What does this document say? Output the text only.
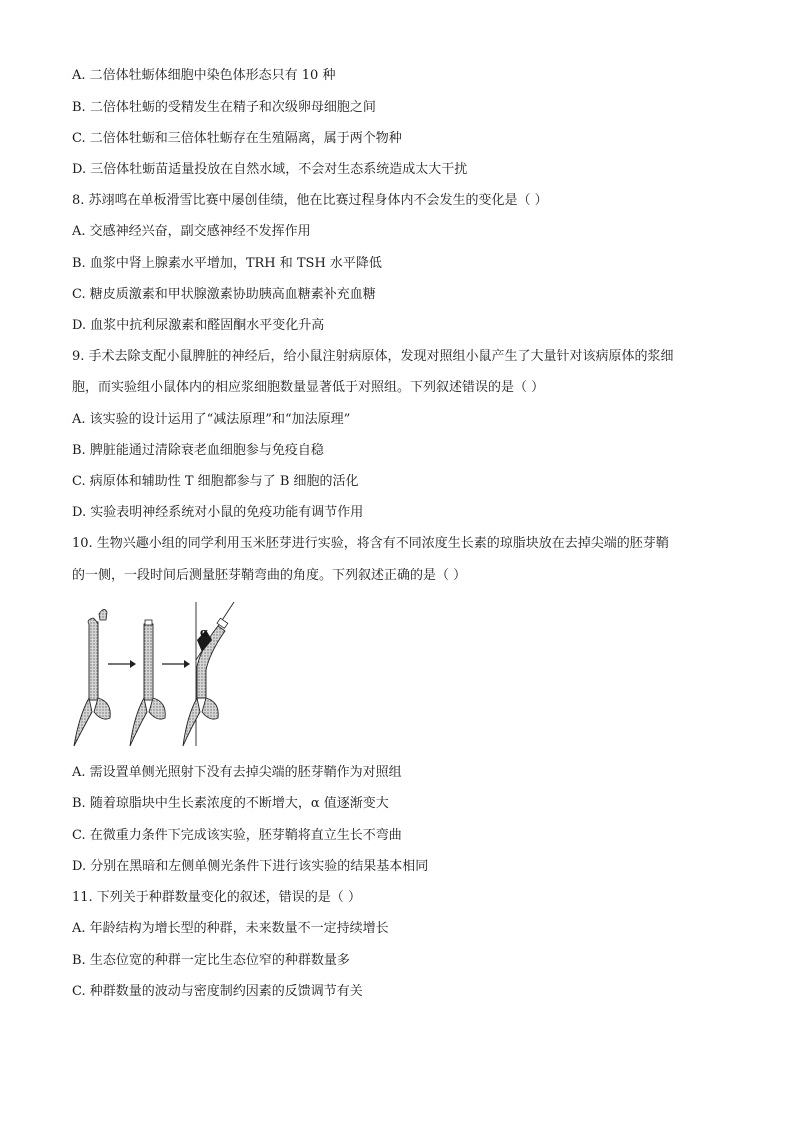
A. 二倍体牡蛎体细胞中染色体形态只有 10 种
B. 二倍体牡蛎的受精发生在精子和次级卵母细胞之间
C. 二倍体牡蛎和三倍体牡蛎存在生殖隔离，属于两个物种
D. 三倍体牡蛎苗适量投放在自然水域，不会对生态系统造成太大干扰
8. 苏翊鸣在单板滑雪比赛中屡创佳绩，他在比赛过程身体内不会发生的变化是（ ）
A. 交感神经兴奋，副交感神经不发挥作用
B. 血浆中肾上腺素水平增加，TRH 和 TSH 水平降低
C. 糖皮质激素和甲状腺激素协助胰高血糖素补充血糖
D. 血浆中抗利尿激素和醛固酮水平变化升高
9. 手术去除支配小鼠脾脏的神经后，给小鼠注射病原体，发现对照组小鼠产生了大量针对该病原体的浆细
胞，而实验组小鼠体内的相应浆细胞数量显著低于对照组。下列叙述错误的是（ ）
A. 该实验的设计运用了“减法原理”和“加法原理”
B. 脾脏能通过清除衰老血细胞参与免疫自稳
C. 病原体和辅助性 T 细胞都参与了 B 细胞的活化
D. 实验表明神经系统对小鼠的免疫功能有调节作用
10. 生物兴趣小组的同学利用玉米胚芽进行实验，将含有不同浓度生长素的琼脂块放在去掉尖端的胚芽鞘
的一侧，一段时间后测量胚芽鞘弯曲的角度。下列叙述正确的是（ ）
α
A. 需设置单侧光照射下没有去掉尖端的胚芽鞘作为对照组
B. 随着琼脂块中生长素浓度的不断增大，α 值逐渐变大
C. 在微重力条件下完成该实验，胚芽鞘将直立生长不弯曲
D. 分别在黑暗和左侧单侧光条件下进行该实验的结果基本相同
11. 下列关于种群数量变化的叙述，错误的是（ ）
A. 年龄结构为增长型的种群，未来数量不一定持续增长
B. 生态位宽的种群一定比生态位窄的种群数量多
C. 种群数量的波动与密度制约因素的反馈调节有关
